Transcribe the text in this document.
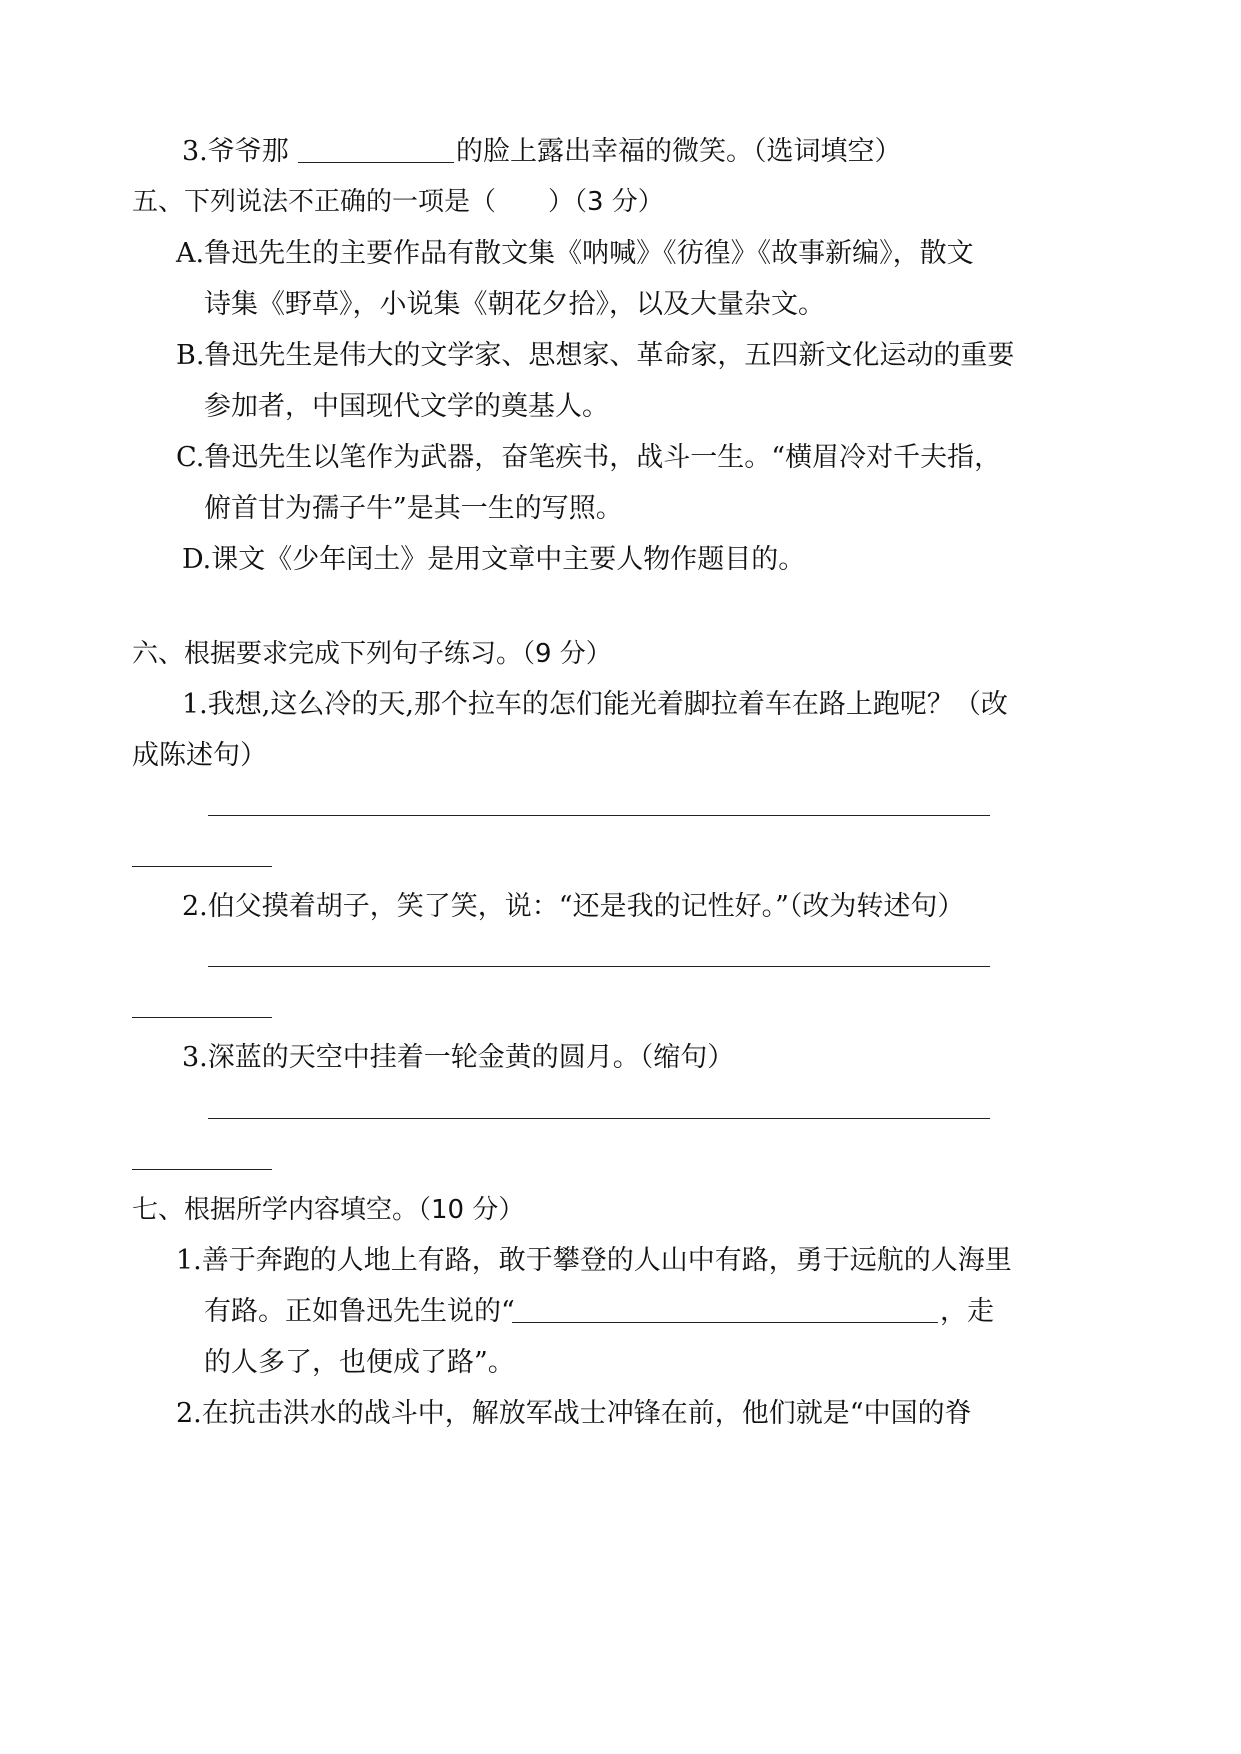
3.爷爷那	的脸上露出幸福的微笑。（选词填空）
五、下列说法不正确的一项是（　　）（3 分）
A.鲁迅先生的主要作品有散文集《呐喊》《彷徨》《故事新编》，散文
诗集《野草》，小说集《朝花夕拾》，以及大量杂文。
B.鲁迅先生是伟大的文学家、思想家、革命家，五四新文化运动的重要
参加者，中国现代文学的奠基人。
C.鲁迅先生以笔作为武器，奋笔疾书，战斗一生。“横眉冷对千夫指，
俯首甘为孺子牛”是其一生的写照。
D.课文《少年闰土》是用文章中主要人物作题目的。
六、根据要求完成下列句子练习。（9 分）
1.我想,这么冷的天,那个拉车的怎们能光着脚拉着车在路上跑呢？（改
成陈述句）
2.伯父摸着胡子，笑了笑，说：“还是我的记性好。”（改为转述句）
3.深蓝的天空中挂着一轮金黄的圆月。（缩句）
七、根据所学内容填空。（10 分）
1.善于奔跑的人地上有路，敢于攀登的人山中有路，勇于远航的人海里
有路。正如鲁迅先生说的“	，走
的人多了，也便成了路”。
2.在抗击洪水的战斗中，解放军战士冲锋在前，他们就是“中国的脊
